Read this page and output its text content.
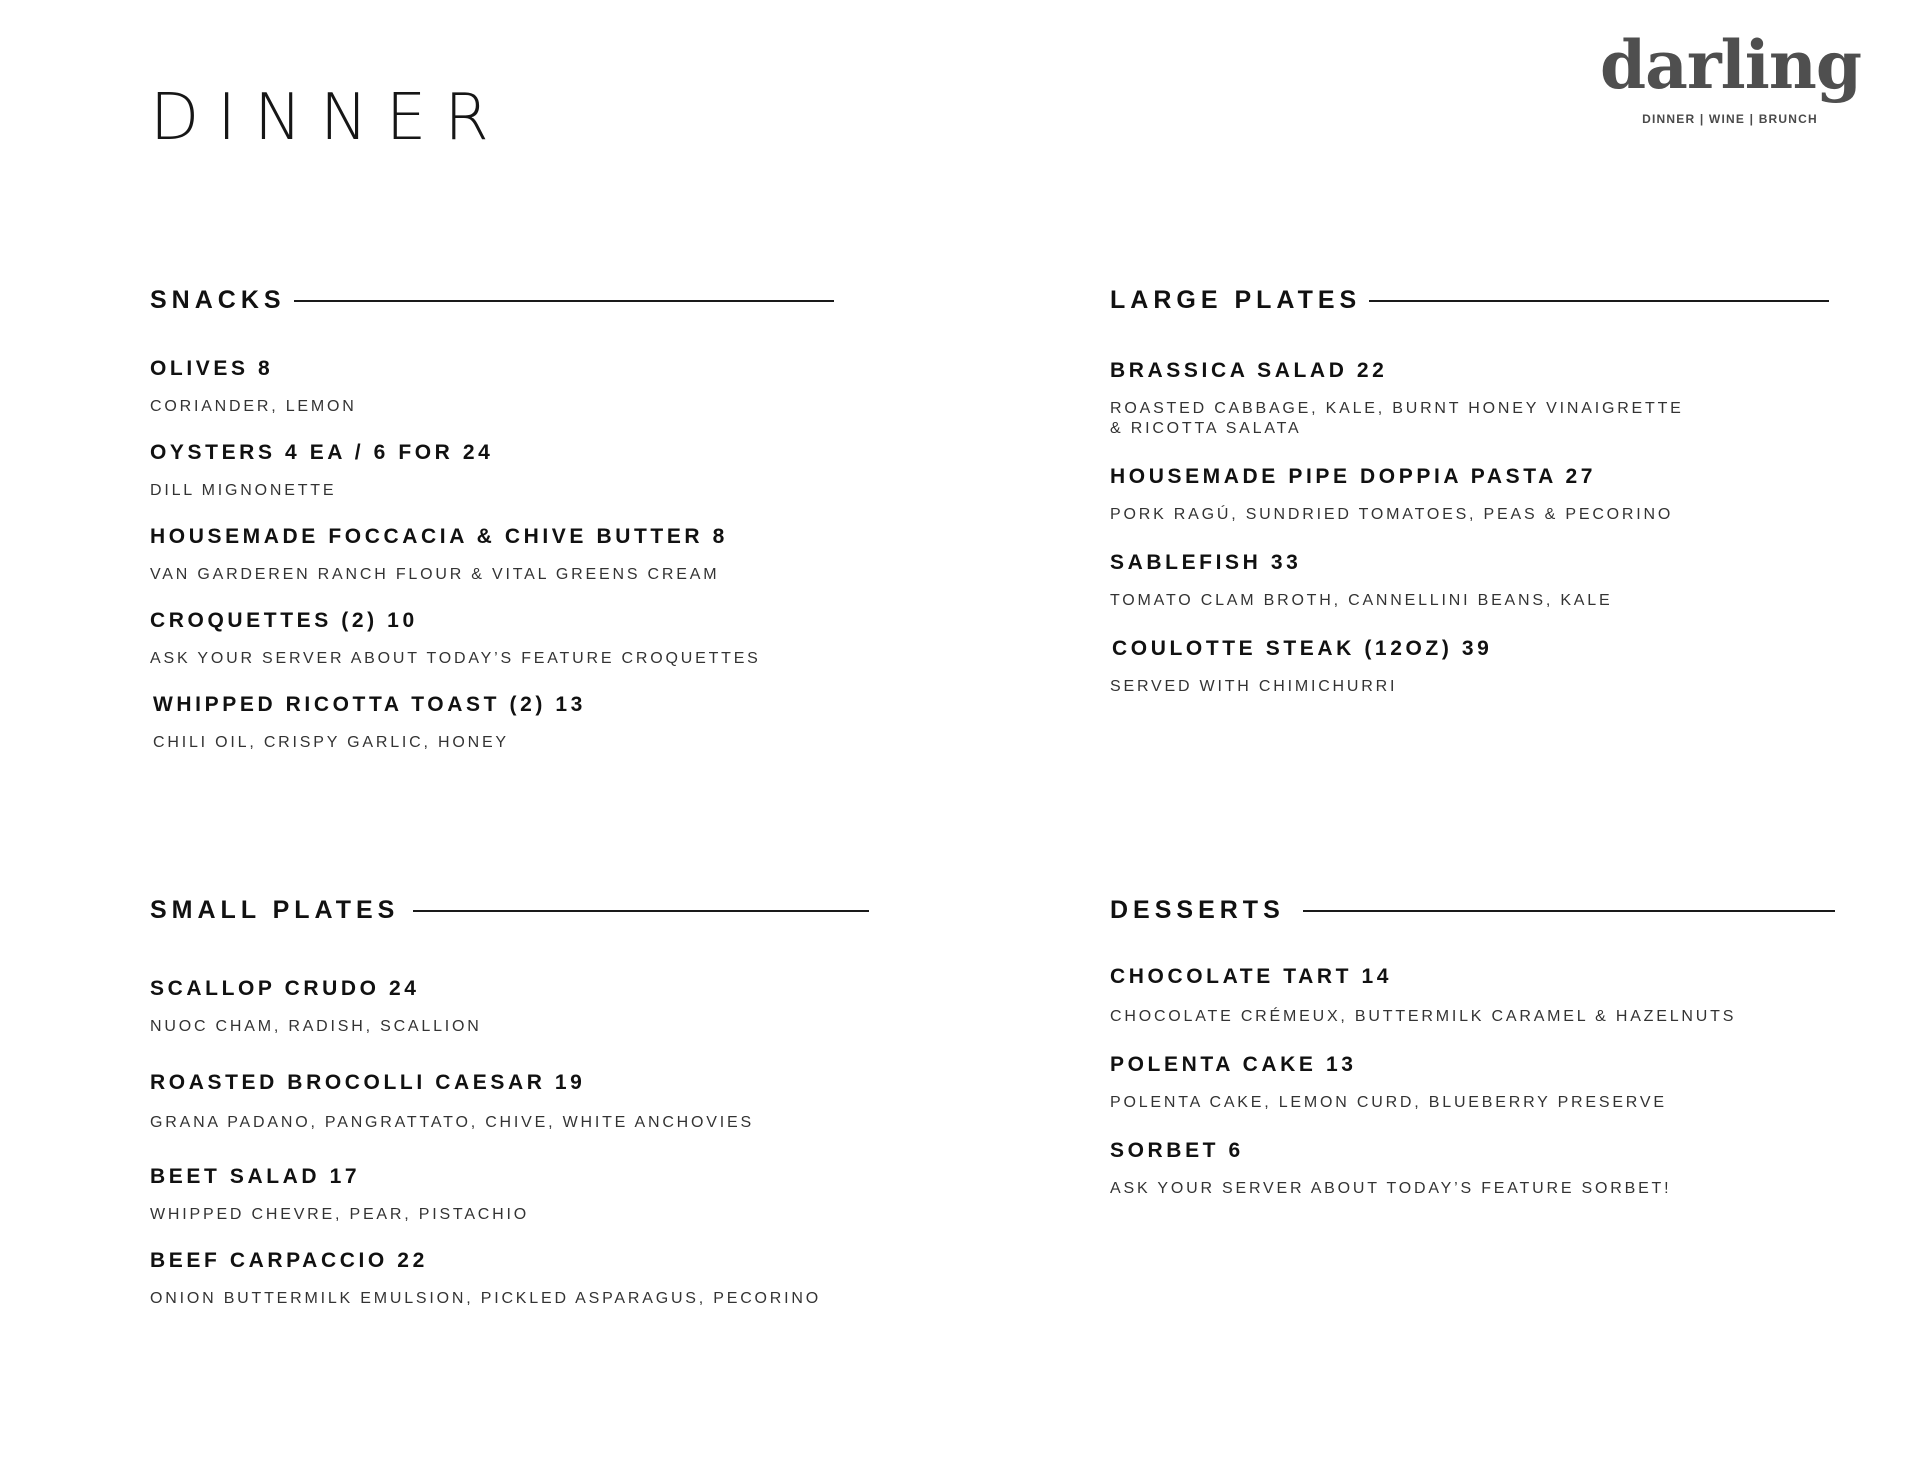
DINNER
darling
DINNER | WINE | BRUNCH
SNACKS
OLIVES 8
CORIANDER, LEMON
OYSTERS 4 EA / 6 FOR 24
DILL MIGNONETTE
HOUSEMADE FOCCACIA & CHIVE BUTTER 8
VAN GARDEREN RANCH FLOUR & VITAL GREENS CREAM
CROQUETTES (2) 10
ASK YOUR SERVER ABOUT TODAY’S FEATURE CROQUETTES
WHIPPED RICOTTA TOAST (2) 13
CHILI OIL, CRISPY GARLIC, HONEY
LARGE PLATES
BRASSICA SALAD 22
ROASTED CABBAGE, KALE, BURNT HONEY VINAIGRETTE
& RICOTTA SALATA
HOUSEMADE PIPE DOPPIA PASTA 27
PORK RAGÚ, SUNDRIED TOMATOES, PEAS & PECORINO
SABLEFISH 33
TOMATO CLAM BROTH, CANNELLINI BEANS, KALE
COULOTTE STEAK (12OZ) 39
SERVED WITH CHIMICHURRI
SMALL PLATES
SCALLOP CRUDO 24
NUOC CHAM, RADISH, SCALLION
ROASTED BROCOLLI CAESAR 19
GRANA PADANO, PANGRATTATO, CHIVE, WHITE ANCHOVIES
BEET SALAD 17
WHIPPED CHEVRE, PEAR, PISTACHIO
BEEF CARPACCIO 22
ONION BUTTERMILK EMULSION, PICKLED ASPARAGUS, PECORINO
DESSERTS
CHOCOLATE TART 14
CHOCOLATE CRÉMEUX, BUTTERMILK CARAMEL & HAZELNUTS
POLENTA CAKE 13
POLENTA CAKE, LEMON CURD, BLUEBERRY PRESERVE
SORBET 6
ASK YOUR SERVER ABOUT TODAY’S FEATURE SORBET!
